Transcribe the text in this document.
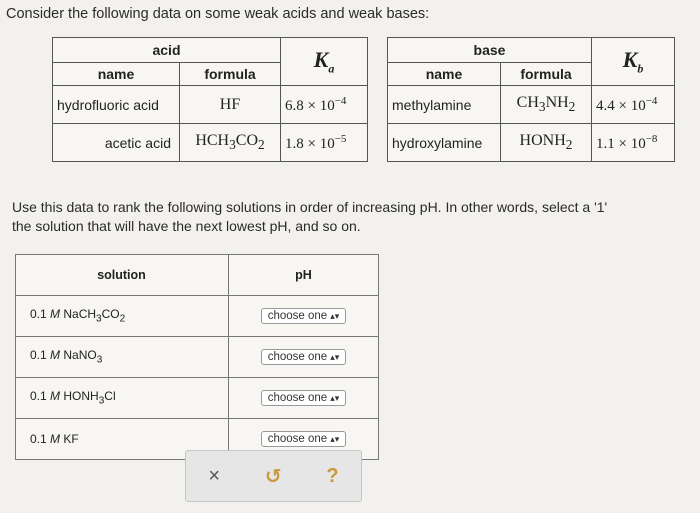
Consider the following data on some weak acids and weak bases:
acid		$K_a$
name	formula	
hydrofluoric acid	HF	$6.8 \times 10^{-4}$
acetic acid	$HCH_3CO_2$	$1.8 \times 10^{-5}$
base		$K_b$
name	formula	
methylamine	$CH_3NH_2$	$4.4 \times 10^{-4}$
hydroxylamine	$HONH_2$	$1.1 \times 10^{-8}$
Use this data to rank the following solutions in order of increasing pH. In other words, select a '1'
the solution that will have the next lowest pH, and so on.
solution	pH
0.1 M $NaCH_3CO_2$	choose one ▴▾
0.1 M NaNO$_3$	choose one ▴▾
0.1 M $HONH_3Cl$	choose one ▴▾
0.1 M KF	choose one ▴▾
× ↺ ?
